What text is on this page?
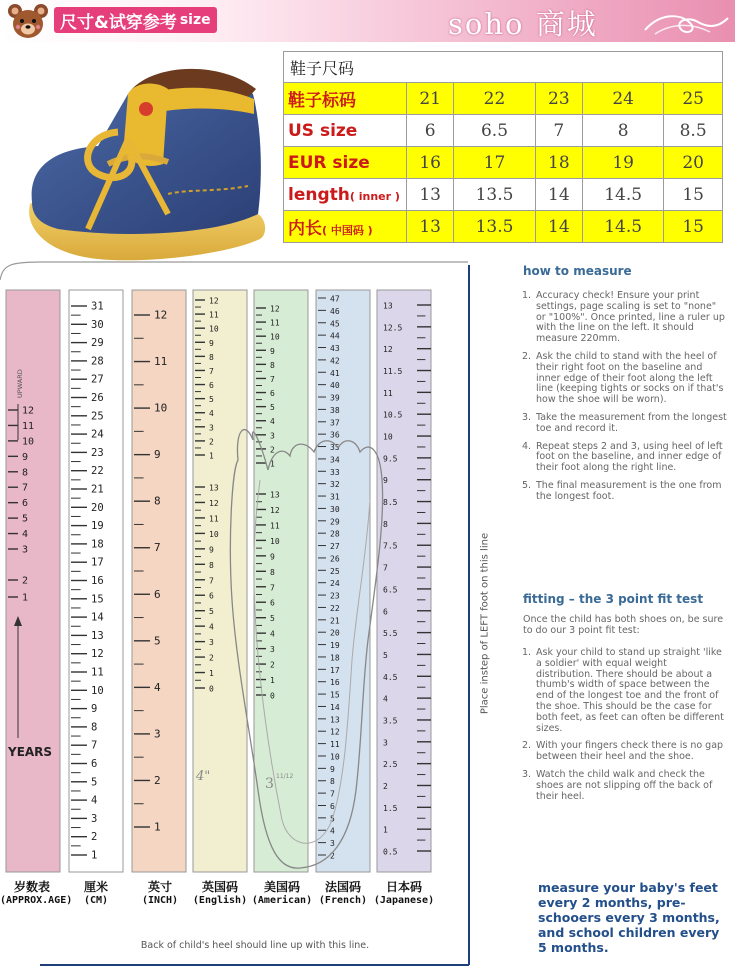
尺寸&试穿参考 size	soho 商城
鞋子尺码					
鞋子标码	21	22	23	24	25
US size	6	6.5	7	8	8.5
EUR size	16	17	18	19	20
length( inner )	13	13.5	14	14.5	15
内长( 中国码 )	13	13.5	14	14.5	15
12
11
10
9
8
7
6
5
4
3
2
1
31
30
29
28
27
26
25
24
23
22
21
20
19
18
17
16
15
14
13
12
11
10
9
8
7
6
5
4
3
2
1
12
11
10
9
8
7
6
5
4
3
2
1
12
11
10
9
8
7
6
5
4
3
2
1
13
12
11
10
9
8
7
6
5
4
3
2
1
0
12
11
10
9
8
7
6
5
4
3
2
1
13
12
11
10
9
8
7
6
5
4
3
2
1
0
47
46
45
44
43
42
41
40
39
38
37
36
35
34
33
32
31
30
29
28
27
26
25
24
23
22
21
20
19
18
17
16
15
14
13
12
11
10
9
8
7
6
5
4
3
2
13
12.5
12
11.5
11
10.5
10
9.5
9
8.5
8
7.5
7
6.5
6
5.5
5
4.5
4
3.5
3
2.5
2
1.5
1
0.5
4"	3 11/12
UPWARD
YEARS
岁数表
(APPROX.AGE)
厘米
(CM)
英寸
(INCH)
英国码
(English)
美国码
(American)
法国码
(French)
日本码
(Japanese)
Place instep of LEFT foot on this line
Back of child's heel should line up with this line.
how to measure
1. Accuracy check! Ensure your print settings, page scaling is set to "none" or "100%". Once printed, line a ruler up with the line on the left. It should measure 220mm.
2. Ask the child to stand with the heel of their right foot on the baseline and inner edge of their foot along the left line (keeping tights or socks on if that's how the shoe will be worn).
3. Take the measurement from the longest toe and record it.
4. Repeat steps 2 and 3, using heel of left foot on the baseline, and inner edge of their foot along the right line.
5. The final measurement is the one from the longest foot.
fitting – the 3 point fit test

Once the child has both shoes on, be sure to do our 3 point fit test:

1. Ask your child to stand up straight 'like a soldier' with equal weight distribution. There should be about a thumb's width of space between the end of the longest toe and the front of the shoe. This should be the case for both feet, as feet can often be different sizes.
2. With your fingers check there is no gap between their heel and the shoe.
3. Watch the child walk and check the shoes are not slipping off the back of their heel.

measure your baby's feet every 2 months, pre-schooers every 3 months, and school children every 5 months.
